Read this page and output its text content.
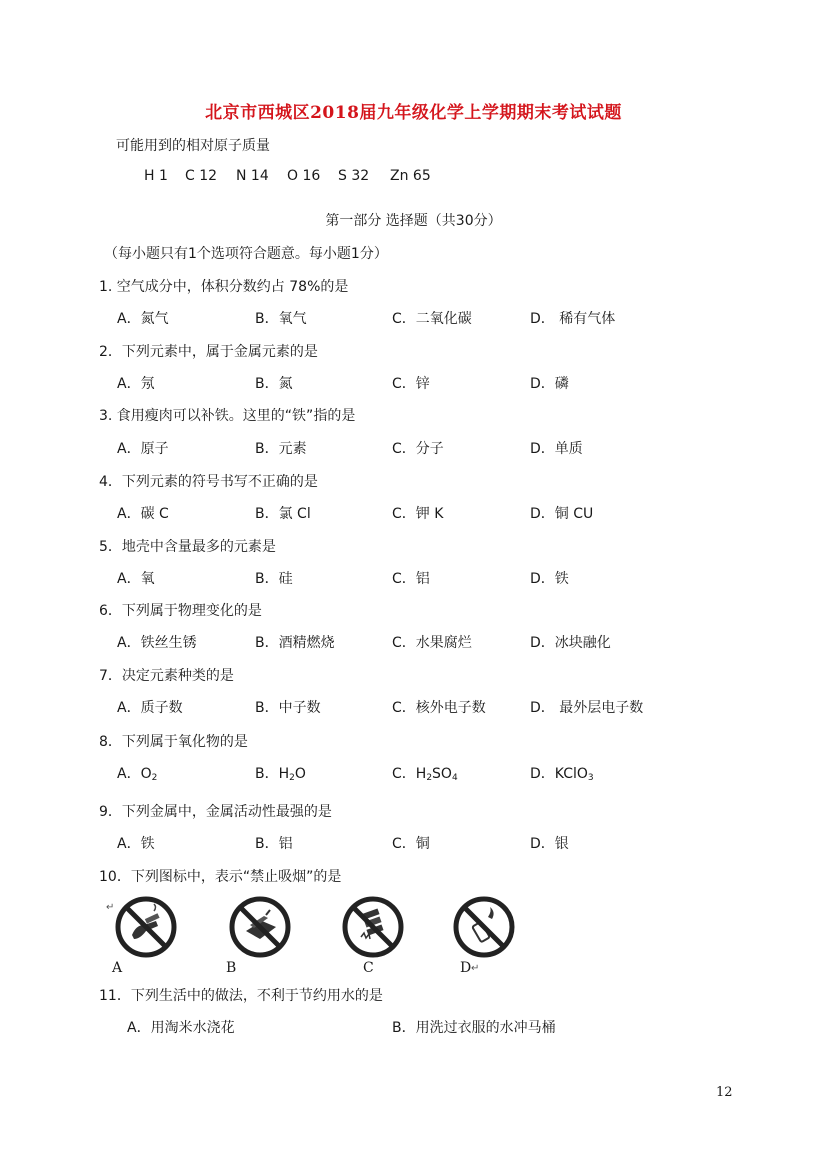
北京市西城区2018届九年级化学上学期期末考试试题
可能用到的相对原子质量
H 1 C 12 N 14 O 16 S 32 Zn 65
第一部分 选择题（共30分）
（每小题只有1个选项符合题意。每小题1分）
1. 空气成分中，体积分数约占 78%的是
A．氮气	B．氧气	C．二氧化碳	D． 稀有气体
2．下列元素中，属于金属元素的是
A．氖	B．氮	C．锌	D．磷
3. 食用瘦肉可以补铁。这里的“铁”指的是
A．原子	B．元素	C．分子	D．单质
4．下列元素的符号书写不正确的是
A．碳 C	B．氯 Cl	C．钾 K	D．铜 CU
5．地壳中含量最多的元素是
A．氧	B．硅	C．铝	D．铁
6．下列属于物理变化的是
A．铁丝生锈	B．酒精燃烧	C．水果腐烂	D．冰块融化
7．决定元素种类的是
A．质子数	B．中子数	C．核外电子数	D． 最外层电子数
8．下列属于氧化物的是
A．$O_2$	B．$H_2O$	C．$H_2SO_4$	D．KClO$_3$
9．下列金属中，金属活动性最强的是
A．铁	B．铝	C．铜	D．银
10．下列图标中，表示“禁止吸烟”的是
↵
A	B	C	D ↵
11．下列生活中的做法，不利于节约用水的是
A．用淘米水浇花	B．用洗过衣服的水冲马桶
12
